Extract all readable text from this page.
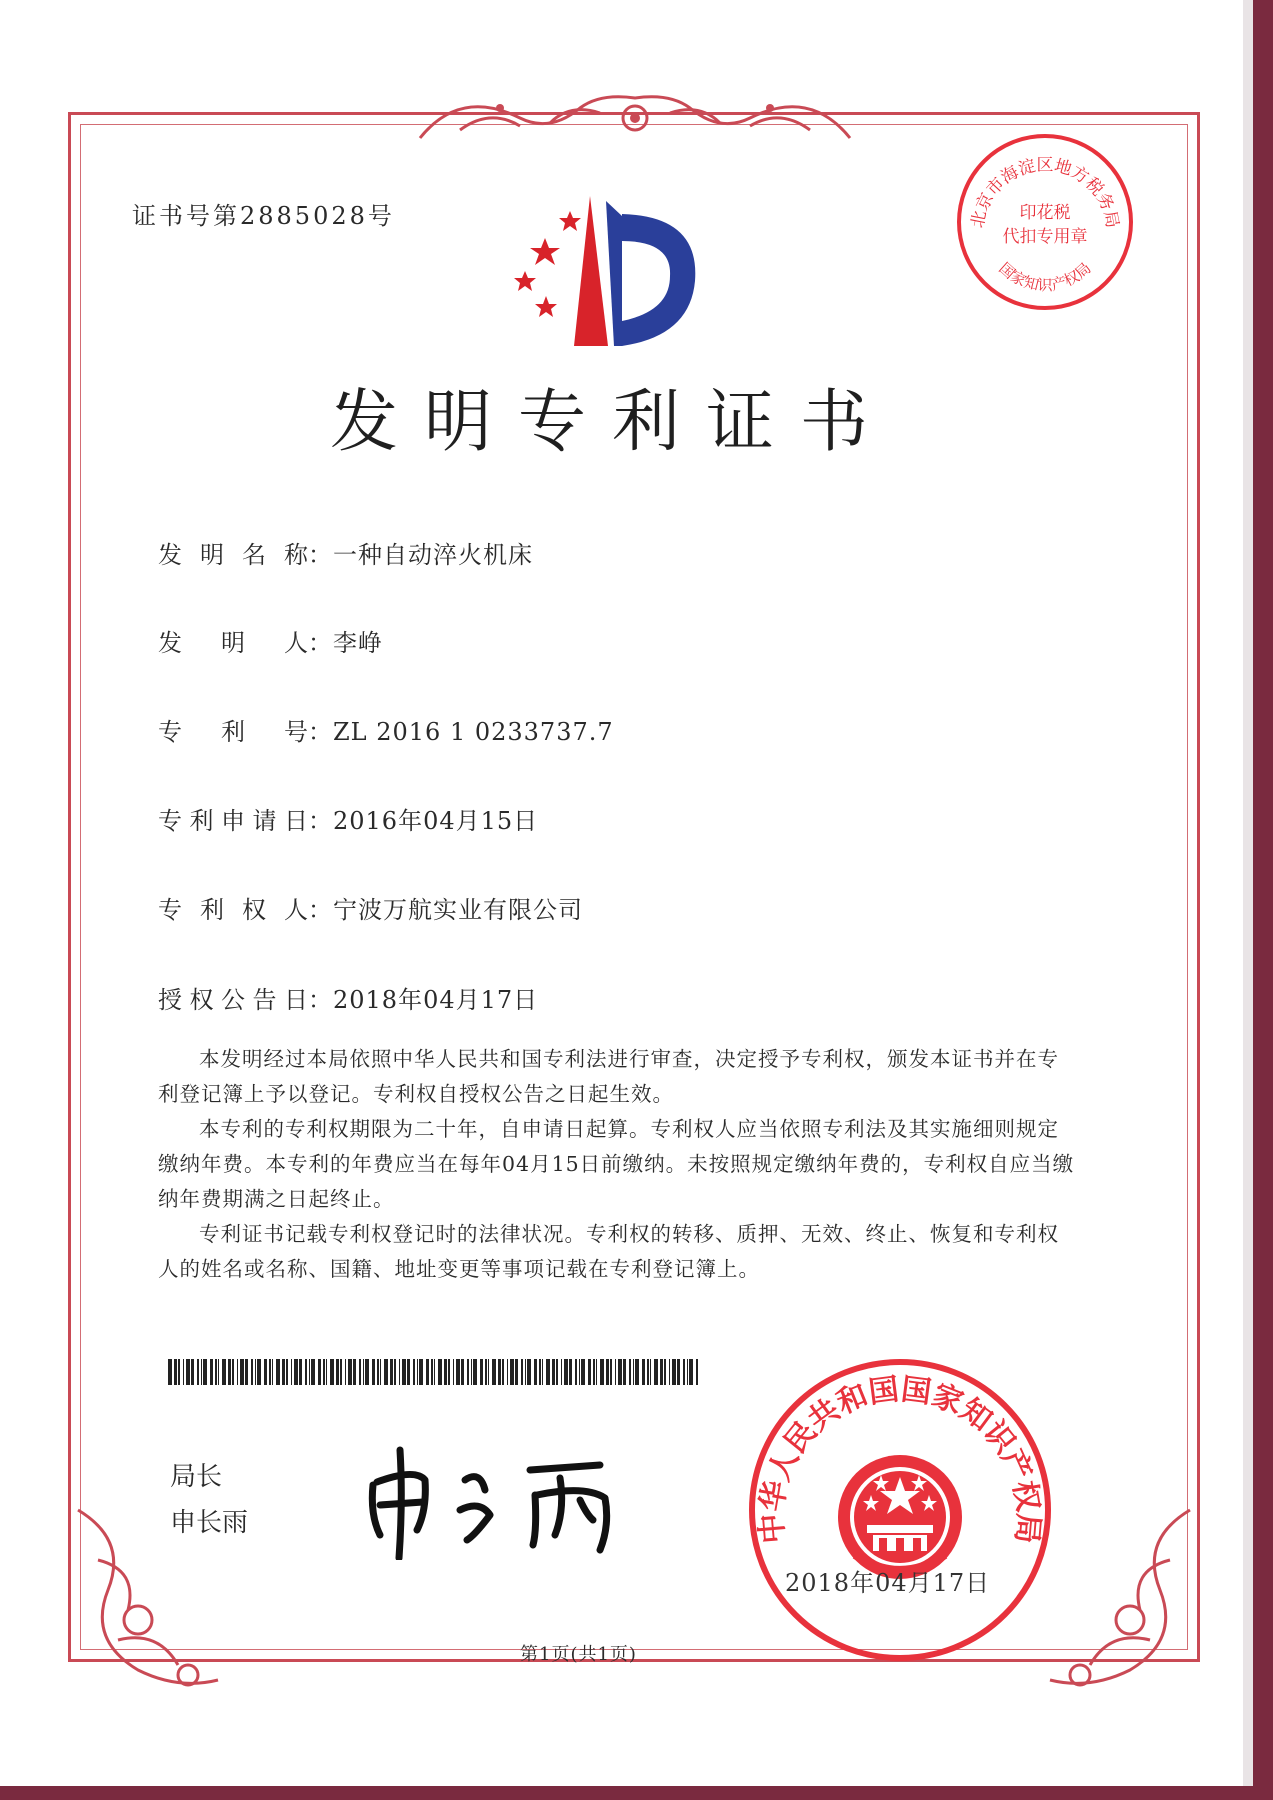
证书号第2885028号
发明专利证书
发明名称：一种自动淬火机床
发明人：李峥
专利号：ZL 2016 1 0233737.7
专利申请日：2016年04月15日
专利权人：宁波万航实业有限公司
授权公告日：2018年04月17日

本发明经过本局依照中华人民共和国专利法进行审查，决定授予专利权，颁发本证书并在专利登记簿上予以登记。专利权自授权公告之日起生效。

本专利的专利权期限为二十年，自申请日起算。专利权人应当依照专利法及其实施细则规定缴纳年费。本专利的年费应当在每年04月15日前缴纳。未按照规定缴纳年费的，专利权自应当缴纳年费期满之日起终止。

专利证书记载专利权登记时的法律状况。专利权的转移、质押、无效、终止、恢复和专利权人的姓名或名称、国籍、地址变更等事项记载在专利登记簿上。

局长
申长雨
北京市海淀区地方税务局
印花税
代扣专用章
国家知识产权局
中华人民共和国国家知识产权局
2018年04月17日
第1页(共1页)
